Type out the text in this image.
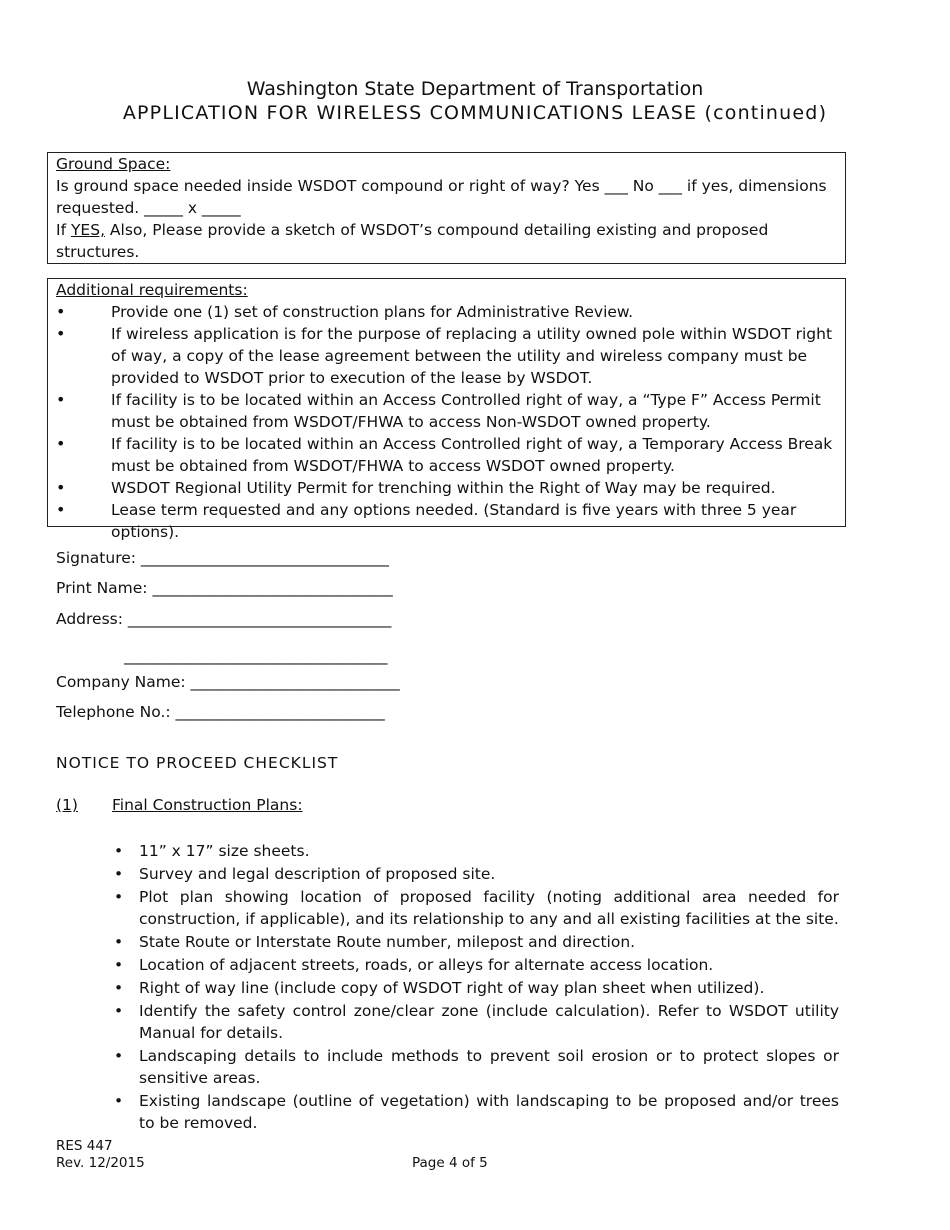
Washington State Department of Transportation
APPLICATION FOR WIRELESS COMMUNICATIONS LEASE (continued)

Ground Space:

Is ground space needed inside WSDOT compound or right of way? Yes ___ No ___ if yes, dimensions requested. _____ x _____

If YES, Also, Please provide a sketch of WSDOT’s compound detailing existing and proposed structures.

Additional requirements:

• Provide one (1) set of construction plans for Administrative Review.
• If wireless application is for the purpose of replacing a utility owned pole within WSDOT right of way, a copy of the lease agreement between the utility and wireless company must be provided to WSDOT prior to execution of the lease by WSDOT.
• If facility is to be located within an Access Controlled right of way, a “Type F” Access Permit must be obtained from WSDOT/FHWA to access Non-WSDOT owned property.
• If facility is to be located within an Access Controlled right of way, a Temporary Access Break must be obtained from WSDOT/FHWA to access WSDOT owned property.
• WSDOT Regional Utility Permit for trenching within the Right of Way may be required.
• Lease term requested and any options needed. (Standard is five years with three 5 year options).
Signature: ________________________________
Print Name: _______________________________
Address: __________________________________
__________________________________
Company Name: ___________________________
Telephone No.: ___________________________
NOTICE TO PROCEED CHECKLIST
(1) Final Construction Plans:
• 11” x 17” size sheets.
• Survey and legal description of proposed site.
• Plot plan showing location of proposed facility (noting additional area needed for construction, if applicable), and its relationship to any and all existing facilities at the site.
• State Route or Interstate Route number, milepost and direction.
• Location of adjacent streets, roads, or alleys for alternate access location.
• Right of way line (include copy of WSDOT right of way plan sheet when utilized).
• Identify the safety control zone/clear zone (include calculation). Refer to WSDOT utility Manual for details.
• Landscaping details to include methods to prevent soil erosion or to protect slopes or sensitive areas.
• Existing landscape (outline of vegetation) with landscaping to be proposed and/or trees to be removed.
RES 447
Rev. 12/2015	Page 4 of 5
